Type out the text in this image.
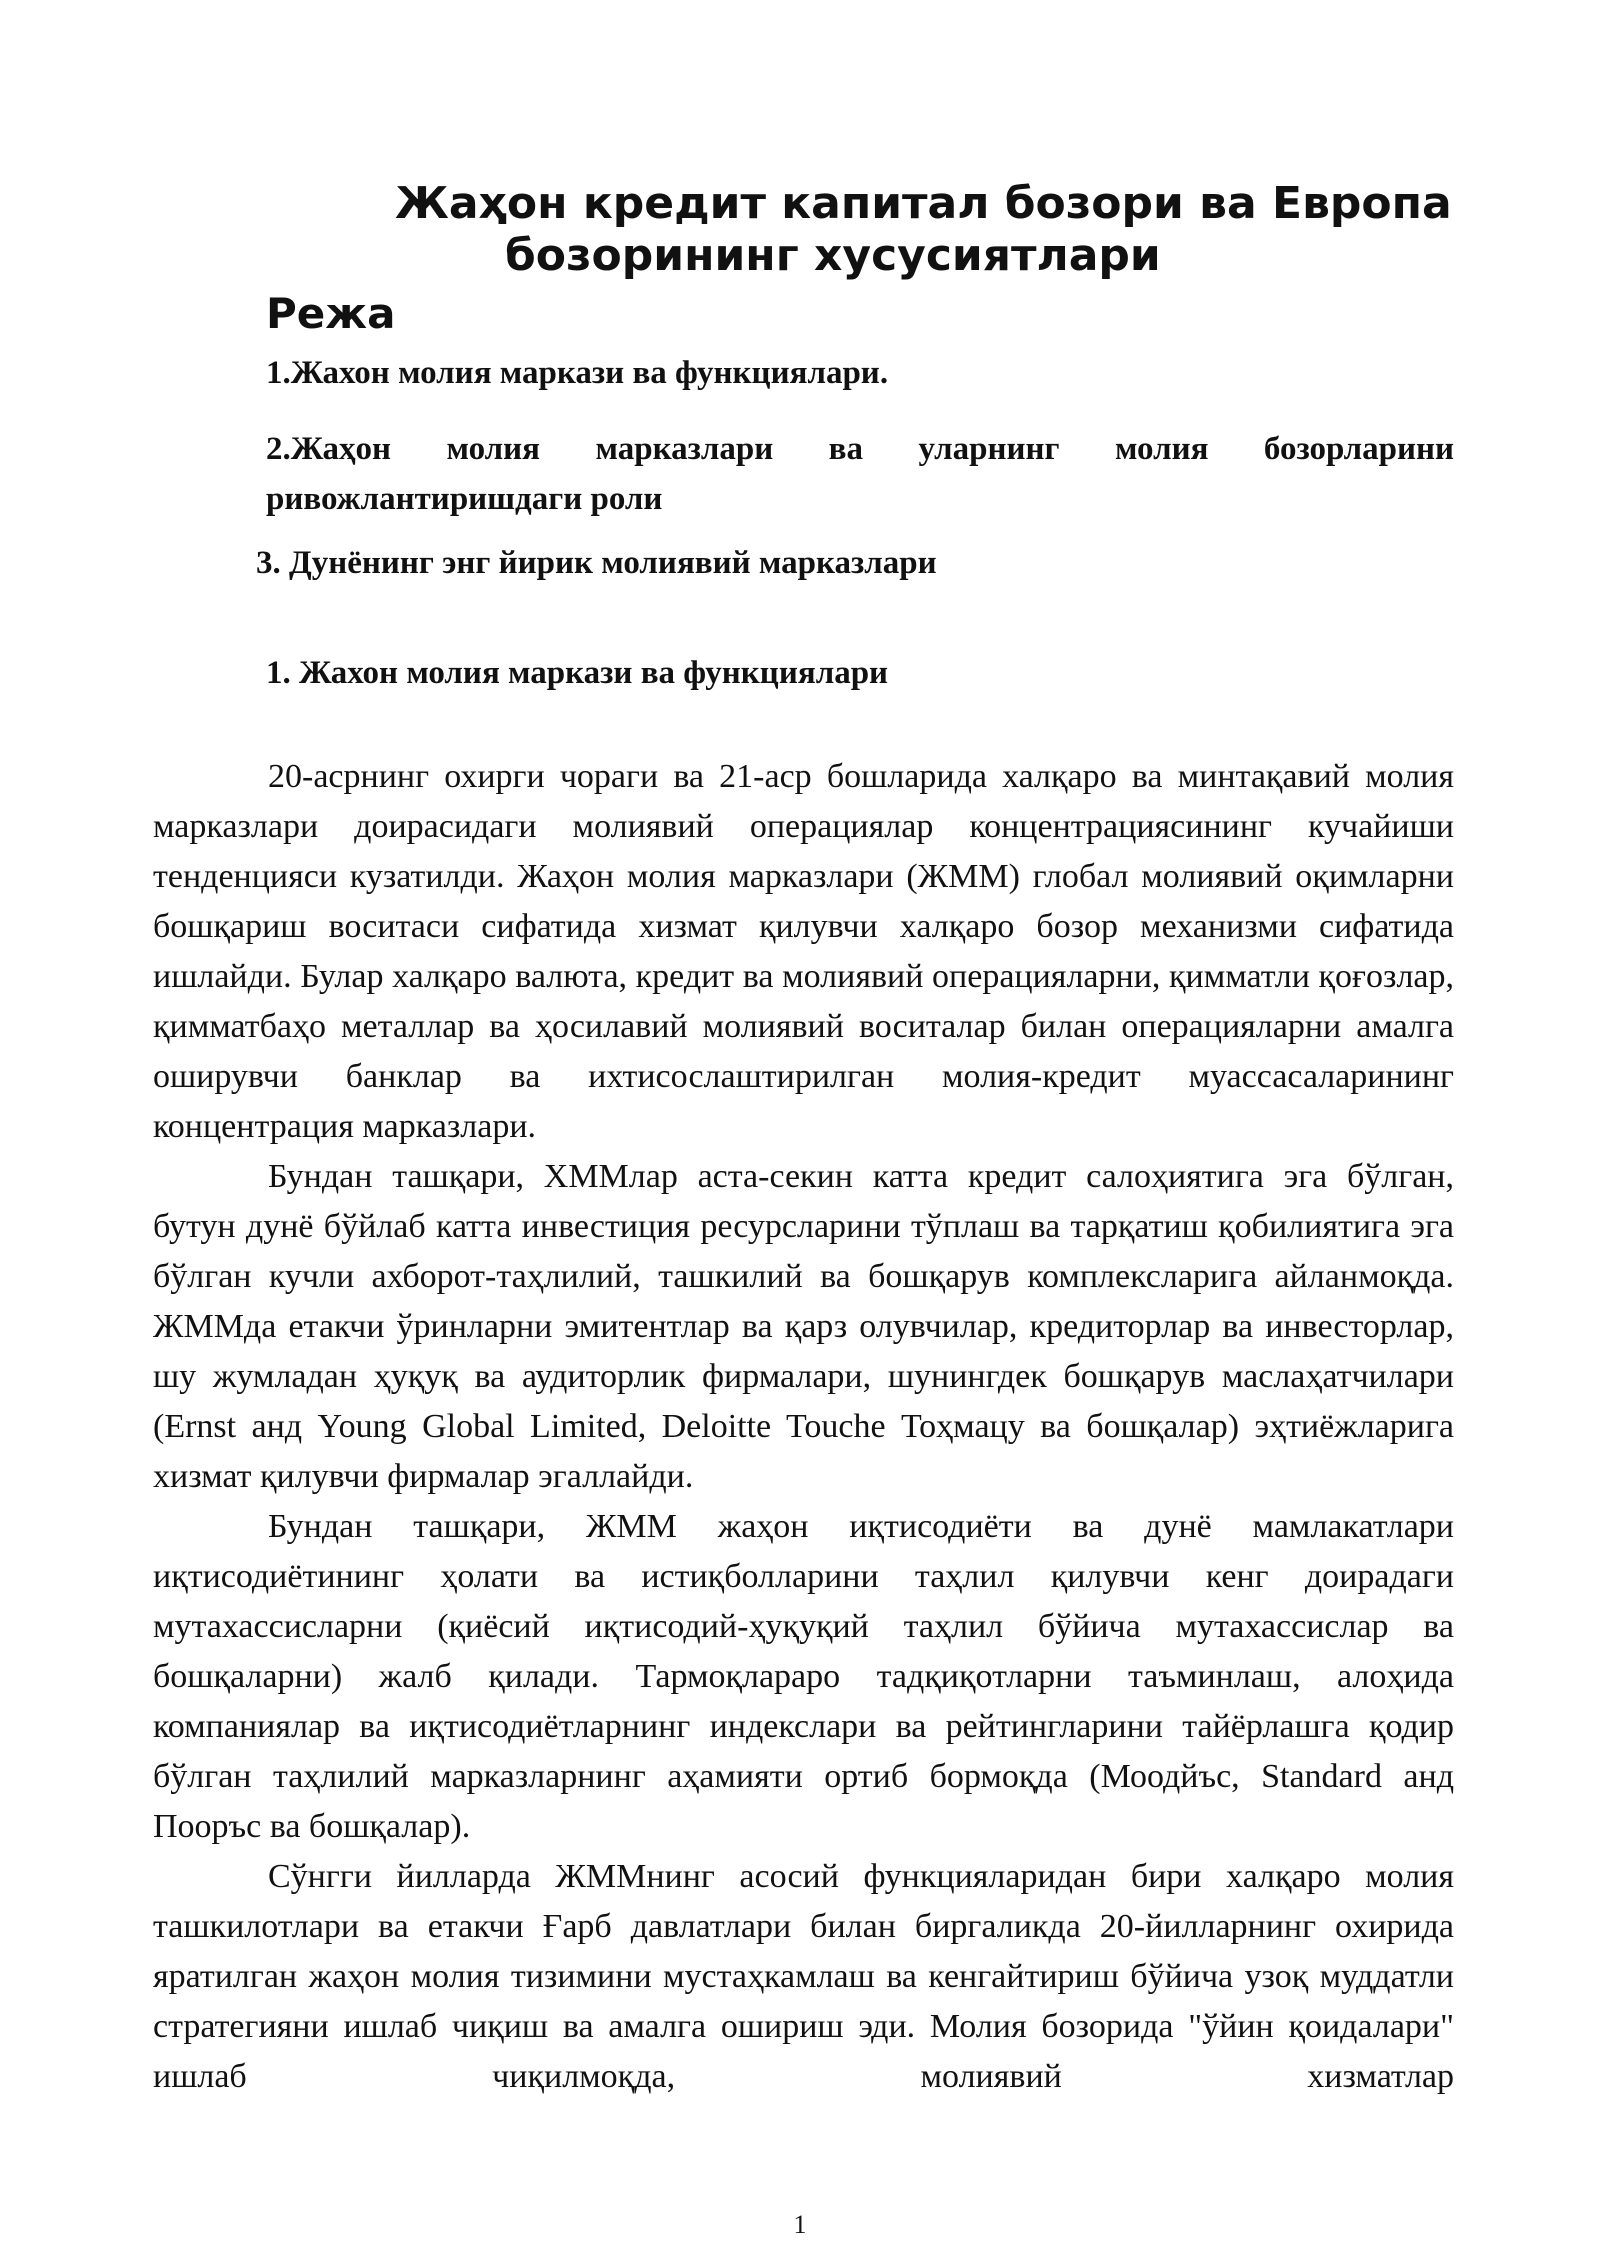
Жаҳон кредит капитал бозори ва Европа
бозорининг хусусиятлари
Режа

1.Жахон молия маркази ва функциялари.

2.Жаҳон молия марказлари ва уларнинг молия бозорларини
ривожлантиришдаги роли

3. Дунёнинг энг йирик молиявий марказлари

1. Жахон молия маркази ва функциялари

20-асрнинг охирги чораги ва 21-аср бошларида халқаро ва минтақавий молия марказлари доирасидаги молиявий операциялар концентрациясининг кучайиши тенденцияси кузатилди. Жаҳон молия марказлари (ЖММ) глобал молиявий оқимларни бошқариш воситаси сифатида хизмат қилувчи халқаро бозор механизми сифатида ишлайди. Булар халқаро валюта, кредит ва молиявий операцияларни, қимматли қоғозлар, қимматбаҳо металлар ва ҳосилавий молиявий воситалар билан операцияларни амалга оширувчи банклар ва ихтисослаштирилган молия-кредит муассасаларининг концентрация марказлари.

Бундан ташқари, ХММлар аста-секин катта кредит салоҳиятига эга бўлган, бутун дунё бўйлаб катта инвестиция ресурсларини тўплаш ва тарқатиш қобилиятига эга бўлган кучли ахборот-таҳлилий, ташкилий ва бошқарув комплексларига айланмоқда. ЖММда етакчи ўринларни эмитентлар ва қарз олувчилар, кредиторлар ва инвесторлар, шу жумладан ҳуқуқ ва аудиторлик фирмалари, шунингдек бошқарув маслаҳатчилари (Ernst анд Young Global Limited, Deloitte Touche Тоҳмацу ва бошқалар) эҳтиёжларига хизмат қилувчи фирмалар эгаллайди.

Бундан ташқари, ЖММ жаҳон иқтисодиёти ва дунё мамлакатлари иқтисодиётининг ҳолати ва истиқболларини таҳлил қилувчи кенг доирадаги мутахассисларни (қиёсий иқтисодий-ҳуқуқий таҳлил бўйича мутахассислар ва бошқаларни) жалб қилади. Тармоқлараро тадқиқотларни таъминлаш, алоҳида компаниялар ва иқтисодиётларнинг индекслари ва рейтингларини тайёрлашга қодир бўлган таҳлилий марказларнинг аҳамияти ортиб бормоқда (Моодйъс, Standard анд Пооръс ва бошқалар).

Сўнгги йилларда ЖММнинг асосий функцияларидан бири халқаро молия ташкилотлари ва етакчи Ғарб давлатлари билан биргаликда 20-йилларнинг охирида яратилган жаҳон молия тизимини мустаҳкамлаш ва кенгайтириш бўйича узоқ муддатли стратегияни ишлаб чиқиш ва амалга ошириш эди. Молия бозорида "ўйин қоидалари" ишлаб чиқилмоқда, молиявий хизматлар

1
